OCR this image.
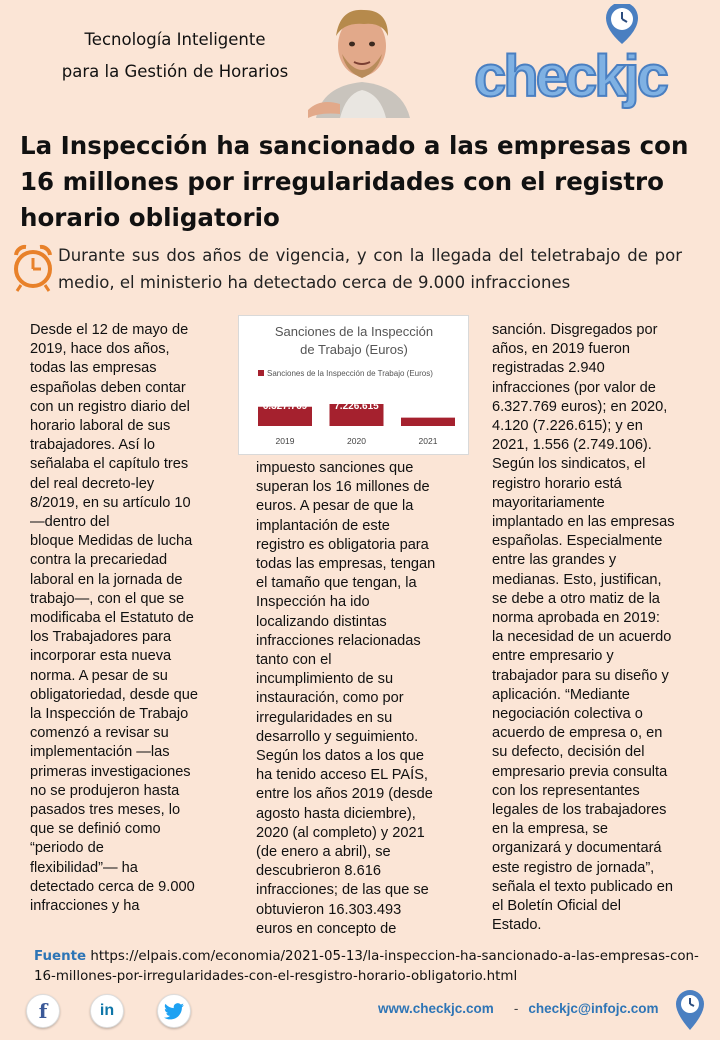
Tecnología Inteligente
para la Gestión de Horarios	checkjc
La Inspección ha sancionado a las empresas con 16 millones por irregularidades con el registro horario obligatorio
Durante sus dos años de vigencia, y con la llegada del teletrabajo de por
medio, el ministerio ha detectado cerca de 9.000 infracciones

Desde el 12 de mayo de
2019, hace dos años,
todas las empresas
españolas deben contar
con un registro diario del
horario laboral de sus
trabajadores. Así lo
señalaba el capítulo tres
del real decreto-ley
8/2019, en su artículo 10
—dentro del
bloque Medidas de lucha
contra la precariedad
laboral en la jornada de
trabajo—, con el que se
modificaba el Estatuto de
los Trabajadores para
incorporar esta nueva
norma. A pesar de su
obligatoriedad, desde que
la Inspección de Trabajo
comenzó a revisar su
implementación —las
primeras investigaciones
no se produjeron hasta
pasados tres meses, lo
que se definió como
“periodo de
flexibilidad”— ha
detectado cerca de 9.000
infracciones y ha

Sanciones de la Inspección
de Trabajo (Euros)
Sanciones de la Inspección de Trabajo (Euros)
6.327.769
2019
7.226.615
2020
2.749.106
2021

impuesto sanciones que
superan los 16 millones de
euros. A pesar de que la
implantación de este
registro es obligatoria para
todas las empresas, tengan
el tamaño que tengan, la
Inspección ha ido
localizando distintas
infracciones relacionadas
tanto con el
incumplimiento de su
instauración, como por
irregularidades en su
desarrollo y seguimiento.
Según los datos a los que
ha tenido acceso EL PAÍS,
entre los años 2019 (desde
agosto hasta diciembre),
2020 (al completo) y 2021
(de enero a abril), se
descubrieron 8.616
infracciones; de las que se
obtuvieron 16.303.493
euros en concepto de

sanción. Disgregados por
años, en 2019 fueron
registradas 2.940
infracciones (por valor de
6.327.769 euros); en 2020,
4.120 (7.226.615); y en
2021, 1.556 (2.749.106).
Según los sindicatos, el
registro horario está
mayoritariamente
implantado en las empresas
españolas. Especialmente
entre las grandes y
medianas. Esto, justifican,
se debe a otro matiz de la
norma aprobada en 2019:
la necesidad de un acuerdo
entre empresario y
trabajador para su diseño y
aplicación. “Mediante
negociación colectiva o
acuerdo de empresa o, en
su defecto, decisión del
empresario previa consulta
con los representantes
legales de los trabajadores
en la empresa, se
organizará y documentará
este registro de jornada”,
señala el texto publicado en
el Boletín Oficial del
Estado.

Fuente https://elpais.com/economia/2021-05-13/la-inspeccion-ha-sancionado-a-las-empresas-con-16-millones-por-irregularidades-con-el-resgistro-horario-obligatorio.html
f	in	www.checkjc.com - checkjc@infojc.com
